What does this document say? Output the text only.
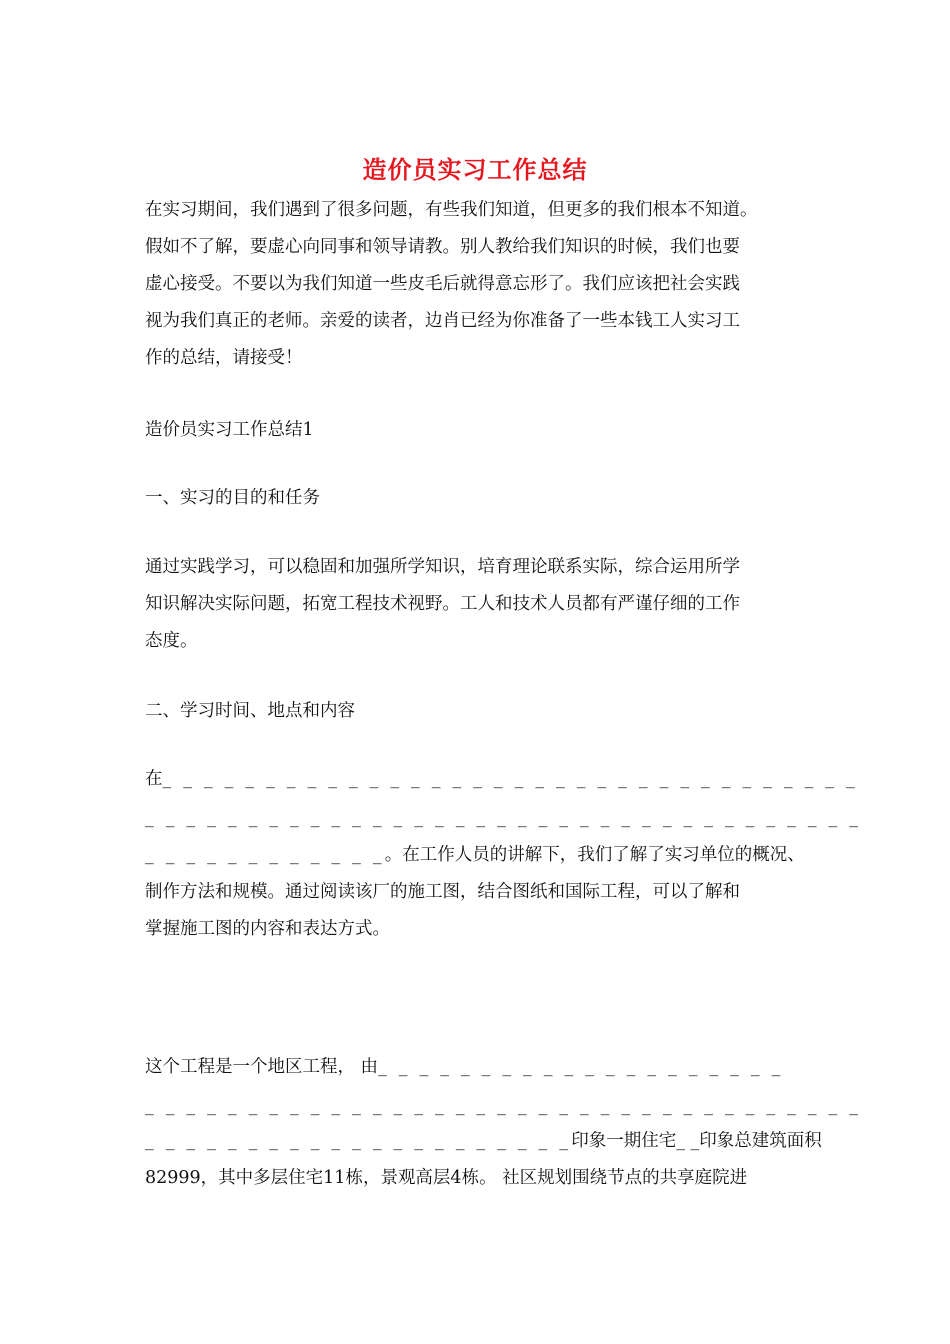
造价员实习工作总结
在实习期间，我们遇到了很多问题，有些我们知道，但更多的我们根本不知道。
假如不了解，要虚心向同事和领导请教。别人教给我们知识的时候，我们也要
虚心接受。不要以为我们知道一些皮毛后就得意忘形了。我们应该把社会实践
视为我们真正的老师。亲爱的读者，边肖已经为你准备了一些本钱工人实习工
作的总结，请接受！
造价员实习工作总结1
一、实习的目的和任务
通过实践学习，可以稳固和加强所学知识，培育理论联系实际，综合运用所学
知识解决实际问题，拓宽工程技术视野。工人和技术人员都有严谨仔细的工作
态度。
二、学习时间、地点和内容
在_ _ _ _ _ _ _ _ _ _ _ _ _ _ _ _ _ _ _ _ _ _ _ _ _ _ _ _ _ _ _ _ _ _
_ _ _ _ _ _ _ _ _ _ _ _ _ _ _ _ _ _ _ _ _ _ _ _ _ _ _ _ _ _ _ _ _ _ _
_ _ _ _ _ _ _ _ _ _ _ _。在工作人员的讲解下，我们了解了实习单位的概况、
制作方法和规模。通过阅读该厂的施工图，结合图纸和国际工程，可以了解和
掌握施工图的内容和表达方式。
这个工程是一个地区工程， 由_ _ _ _ _ _ _ _ _ _ _ _ _ _ _ _ _ _ _ _
_ _ _ _ _ _ _ _ _ _ _ _ _ _ _ _ _ _ _ _ _ _ _ _ _ _ _ _ _ _ _ _ _ _ _
_ _ _ _ _ _ _ _ _ _ _ _ _ _ _ _ _ _ _ _ _印象一期住宅_ _印象总建筑面积
82999，其中多层住宅11栋，景观高层4栋。 社区规划围绕节点的共享庭院进
